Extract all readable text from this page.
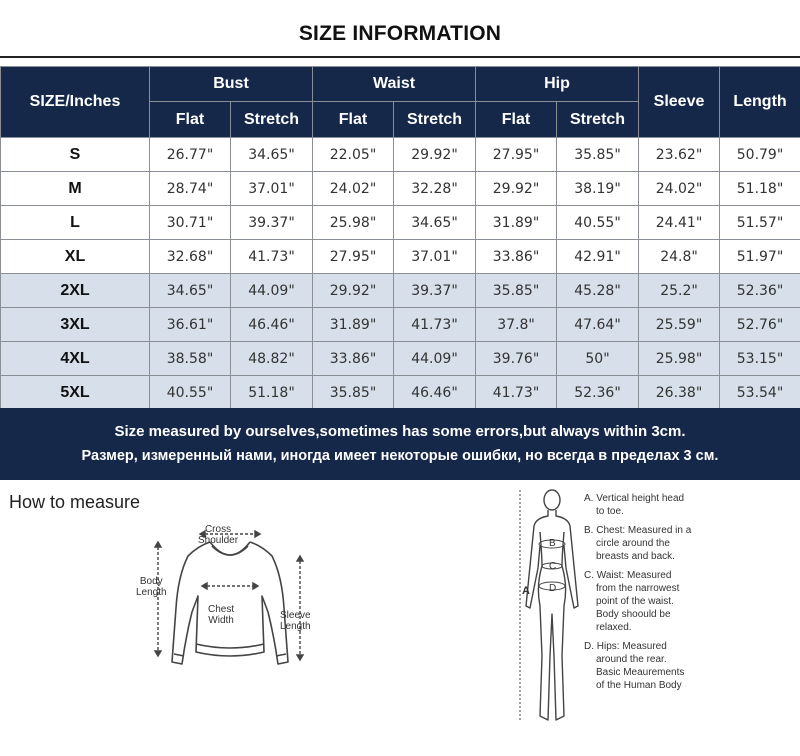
SIZE INFORMATION
SIZE/Inches	Bust		Waist		Hip		Sleeve	Length
	Flat	Stretch	Flat	Stretch	Flat	Stretch		
S	26.77"	34.65"	22.05"	29.92"	27.95"	35.85"	23.62"	50.79"
M	28.74"	37.01"	24.02"	32.28"	29.92"	38.19"	24.02"	51.18"
L	30.71"	39.37"	25.98"	34.65"	31.89"	40.55"	24.41"	51.57"
XL	32.68"	41.73"	27.95"	37.01"	33.86"	42.91"	24.8"	51.97"
2XL	34.65"	44.09"	29.92"	39.37"	35.85"	45.28"	25.2"	52.36"
3XL	36.61"	46.46"	31.89"	41.73"	37.8"	47.64"	25.59"	52.76"
4XL	38.58"	48.82"	33.86"	44.09"	39.76"	50"	25.98"	53.15"
5XL	40.55"	51.18"	35.85"	46.46"	41.73"	52.36"	26.38"	53.54"
Size measured by ourselves,sometimes has some errors,but always within 3cm.
Размер, измеренный нами, иногда имеет некоторые ошибки, но всегда в пределах 3 см.
How to measure
Cross
Shoulder
Body
Length
Chest
Width	Sleeve
Length
A
B
C
D
A. Vertical height head
to toe.
B. Chest: Measured in a
circle around the
breasts and back.
C. Waist: Measured
from the narrowest
point of the waist.
Body shoould be
relaxed.
D. Hips: Measured
around the rear.
Basic Meaurements
of the Human Body
